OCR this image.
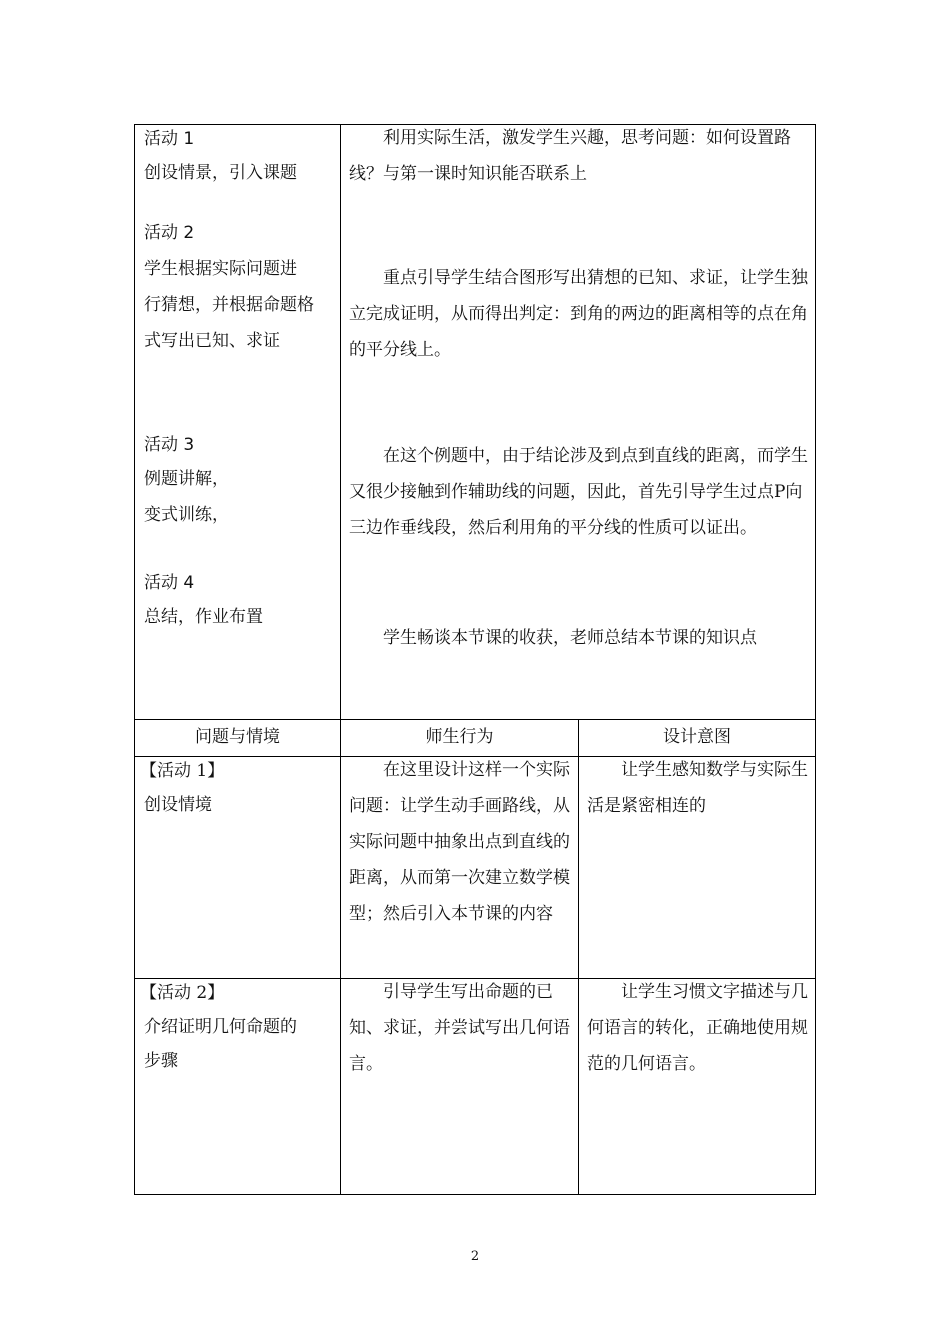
活动 1
创设情景，引入课题
活动 2
学生根据实际问题进
行猜想，并根据命题格
式写出已知、求证
活动 3
例题讲解，
变式训练，
活动 4
总结，作业布置
利用实际生活，激发学生兴趣，思考问题：如何设置路线？与第一课时知识能否联系上
重点引导学生结合图形写出猜想的已知、求证，让学生独立完成证明，从而得出判定：到角的两边的距离相等的点在角的平分线上。
在这个例题中，由于结论涉及到点到直线的距离，而学生又很少接触到作辅助线的问题，因此，首先引导学生过点P向三边作垂线段，然后利用角的平分线的性质可以证出。
学生畅谈本节课的收获，老师总结本节课的知识点
问题与情境	师生行为	设计意图
【活动 1】
创设情境
在这里设计这样一个实际问题：让学生动手画路线，从实际问题中抽象出点到直线的距离，从而第一次建立数学模型；然后引入本节课的内容
让学生感知数学与实际生活是紧密相连的
【活动 2】
介绍证明几何命题的
步骤
引导学生写出命题的已知、求证，并尝试写出几何语言。
让学生习惯文字描述与几何语言的转化，正确地使用规范的几何语言。
2
